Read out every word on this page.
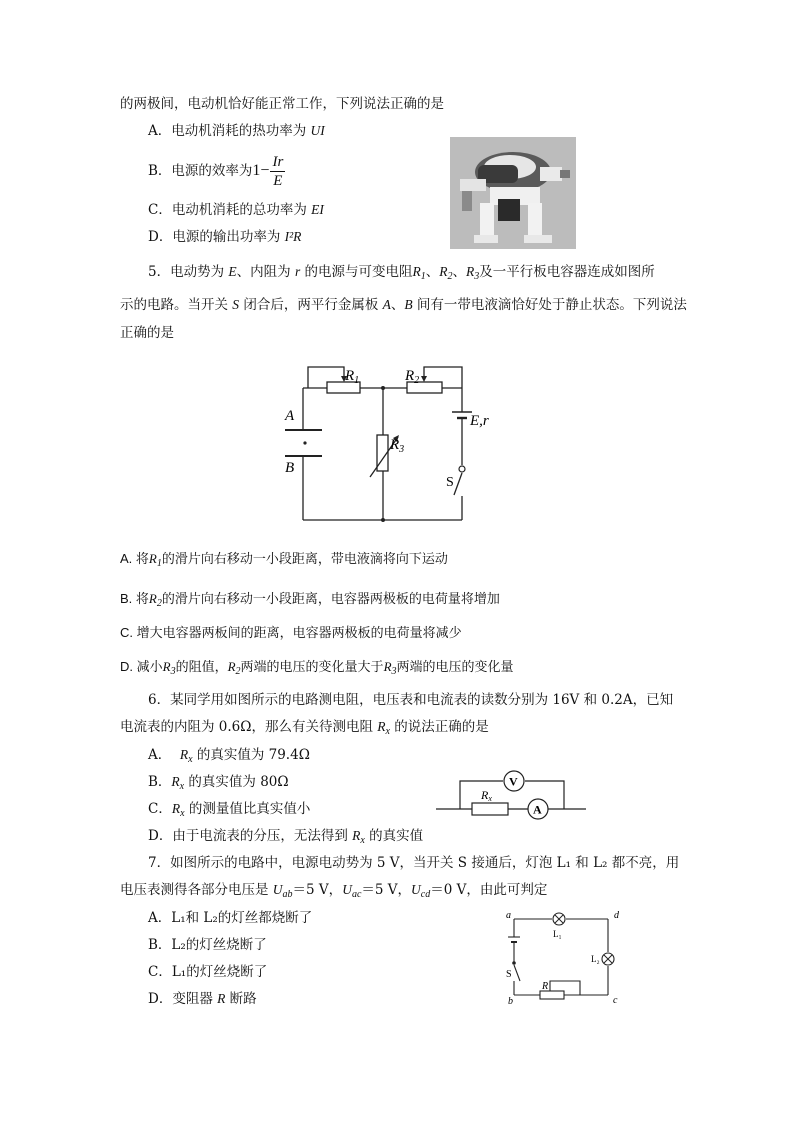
的两极间，电动机恰好能正常工作，下列说法正确的是
A．电动机消耗的热功率为 UI
B．电源的效率为$1- \frac{Ir}{E}$
C．电动机消耗的总功率为 EI
D．电源的输出功率为 I²R
5．电动势为 E、内阻为 r 的电源与可变电阻$R_1$、$R_2$、$R_3$及一平行板电容器连成如图所
示的电路。当开关 S 闭合后，两平行金属板 A、B 间有一带电液滴恰好处于静止状态。下列说法
正确的是
$R_1$	$R_2$
$R_3$
A
B
E,r
S
A. 将$R_1$的滑片向右移动一小段距离，带电液滴将向下运动
B. 将$R_2$的滑片向右移动一小段距离，电容器两极板的电荷量将增加
C. 增大电容器两板间的距离，电容器两极板的电荷量将减少
D. 减小$R_3$的阻值，$R_2$两端的电压的变化量大于$R_3$两端的电压的变化量
6．某同学用如图所示的电路测电阻，电压表和电流表的读数分别为 16V 和 0.2A，已知
电流表的内阻为 0.6Ω，那么有关待测电阻 $R_x$ 的说法正确的是
A．  $R_x$ 的真实值为 79.4Ω
B．$R_x$ 的真实值为 80Ω
C．$R_x$ 的测量值比真实值小
D．由于电流表的分压，无法得到 $R_x$ 的真实值
V
A
Rx
7．如图所示的电路中，电源电动势为 5 V，当开关 S 接通后，灯泡 L₁ 和 L₂ 都不亮，用
电压表测得各部分电压是 $U_{ab}=5$ V，$U_{ac}=5$ V，$U_{cd}=0$ V，由此可判定
A．L₁和 L₂的灯丝都烧断了
B．L₂的灯丝烧断了
C．L₁的灯丝烧断了
D．变阻器 R 断路
a	d
b	c
L₁
L₂
S
R
